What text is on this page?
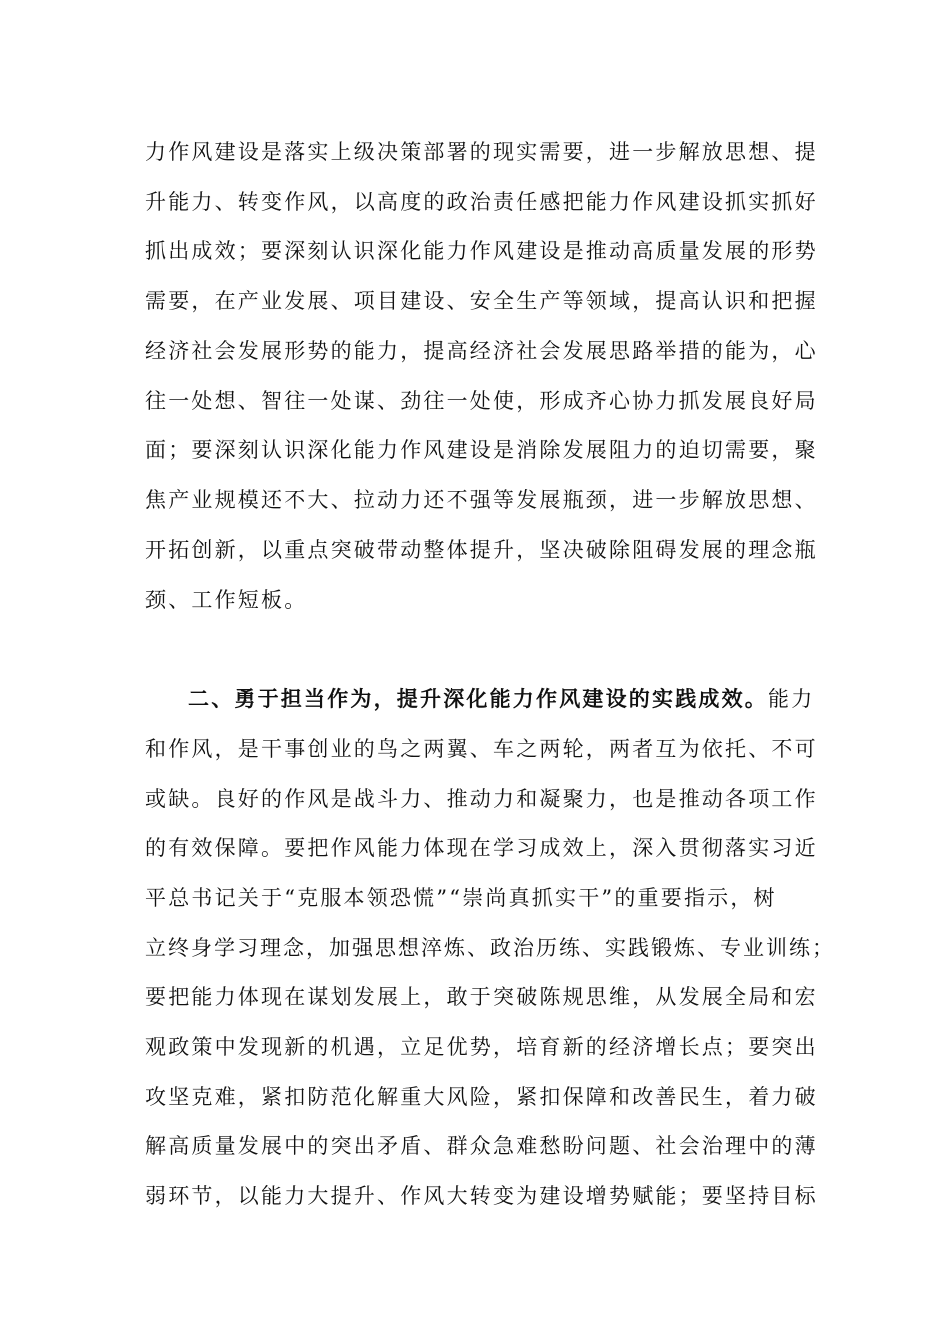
力作风建设是落实上级决策部署的现实需要，进一步解放思想、提
升能力、转变作风，以高度的政治责任感把能力作风建设抓实抓好
抓出成效；要深刻认识深化能力作风建设是推动高质量发展的形势
需要，在产业发展、项目建设、安全生产等领域，提高认识和把握
经济社会发展形势的能力，提高经济社会发展思路举措的能为，心
往一处想、智往一处谋、劲往一处使，形成齐心协力抓发展良好局
面；要深刻认识深化能力作风建设是消除发展阻力的迫切需要，聚
焦产业规模还不大、拉动力还不强等发展瓶颈，进一步解放思想、
开拓创新，以重点突破带动整体提升，坚决破除阻碍发展的理念瓶
颈、工作短板。
二、勇于担当作为，提升深化能力作风建设的实践成效。能力
和作风，是干事创业的鸟之两翼、车之两轮，两者互为依托、不可
或缺。良好的作风是战斗力、推动力和凝聚力，也是推动各项工作
的有效保障。要把作风能力体现在学习成效上，深入贯彻落实习近
平总书记关于“克服本领恐慌”“崇尚真抓实干”的重要指示，树
立终身学习理念，加强思想淬炼、政治历练、实践锻炼、专业训练；
要把能力体现在谋划发展上，敢于突破陈规思维，从发展全局和宏
观政策中发现新的机遇，立足优势，培育新的经济增长点；要突出
攻坚克难，紧扣防范化解重大风险，紧扣保障和改善民生，着力破
解高质量发展中的突出矛盾、群众急难愁盼问题、社会治理中的薄
弱环节，以能力大提升、作风大转变为建设增势赋能；要坚持目标
